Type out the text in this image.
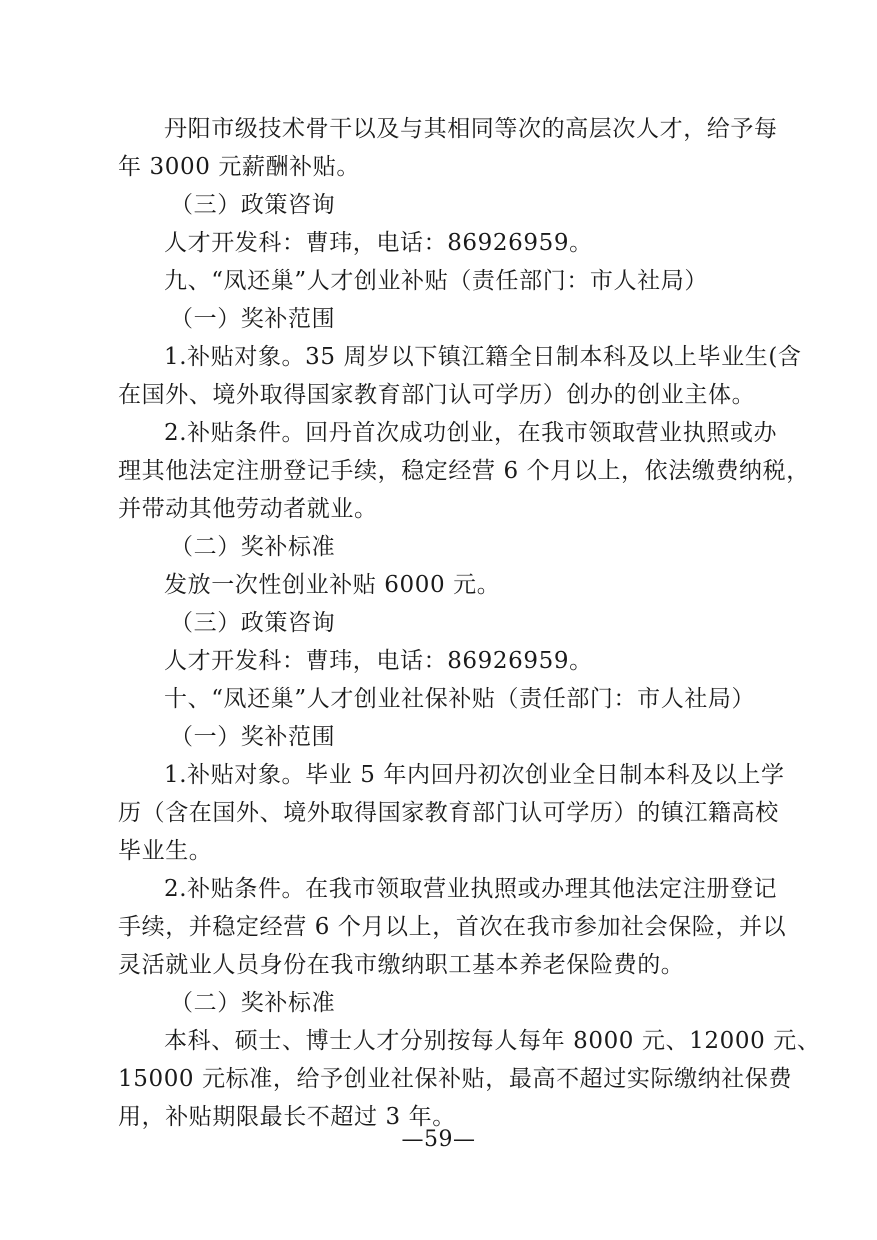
丹阳市级技术骨干以及与其相同等次的高层次人才，给予每
年 3000 元薪酬补贴。
（三）政策咨询
人才开发科：曹玮，电话：86926959。
九、“凤还巢”人才创业补贴（责任部门：市人社局）
（一）奖补范围
1.补贴对象。35 周岁以下镇江籍全日制本科及以上毕业生(含
在国外、境外取得国家教育部门认可学历）创办的创业主体。
2.补贴条件。回丹首次成功创业，在我市领取营业执照或办
理其他法定注册登记手续，稳定经营 6 个月以上，依法缴费纳税，
并带动其他劳动者就业。
（二）奖补标准
发放一次性创业补贴 6000 元。
（三）政策咨询
人才开发科：曹玮，电话：86926959。
十、“凤还巢”人才创业社保补贴（责任部门：市人社局）
（一）奖补范围
1.补贴对象。毕业 5 年内回丹初次创业全日制本科及以上学
历（含在国外、境外取得国家教育部门认可学历）的镇江籍高校
毕业生。
2.补贴条件。在我市领取营业执照或办理其他法定注册登记
手续，并稳定经营 6 个月以上，首次在我市参加社会保险，并以
灵活就业人员身份在我市缴纳职工基本养老保险费的。
（二）奖补标准
本科、硕士、博士人才分别按每人每年 8000 元、12000 元、
15000 元标准，给予创业社保补贴，最高不超过实际缴纳社保费
用，补贴期限最长不超过 3 年。
—59—
